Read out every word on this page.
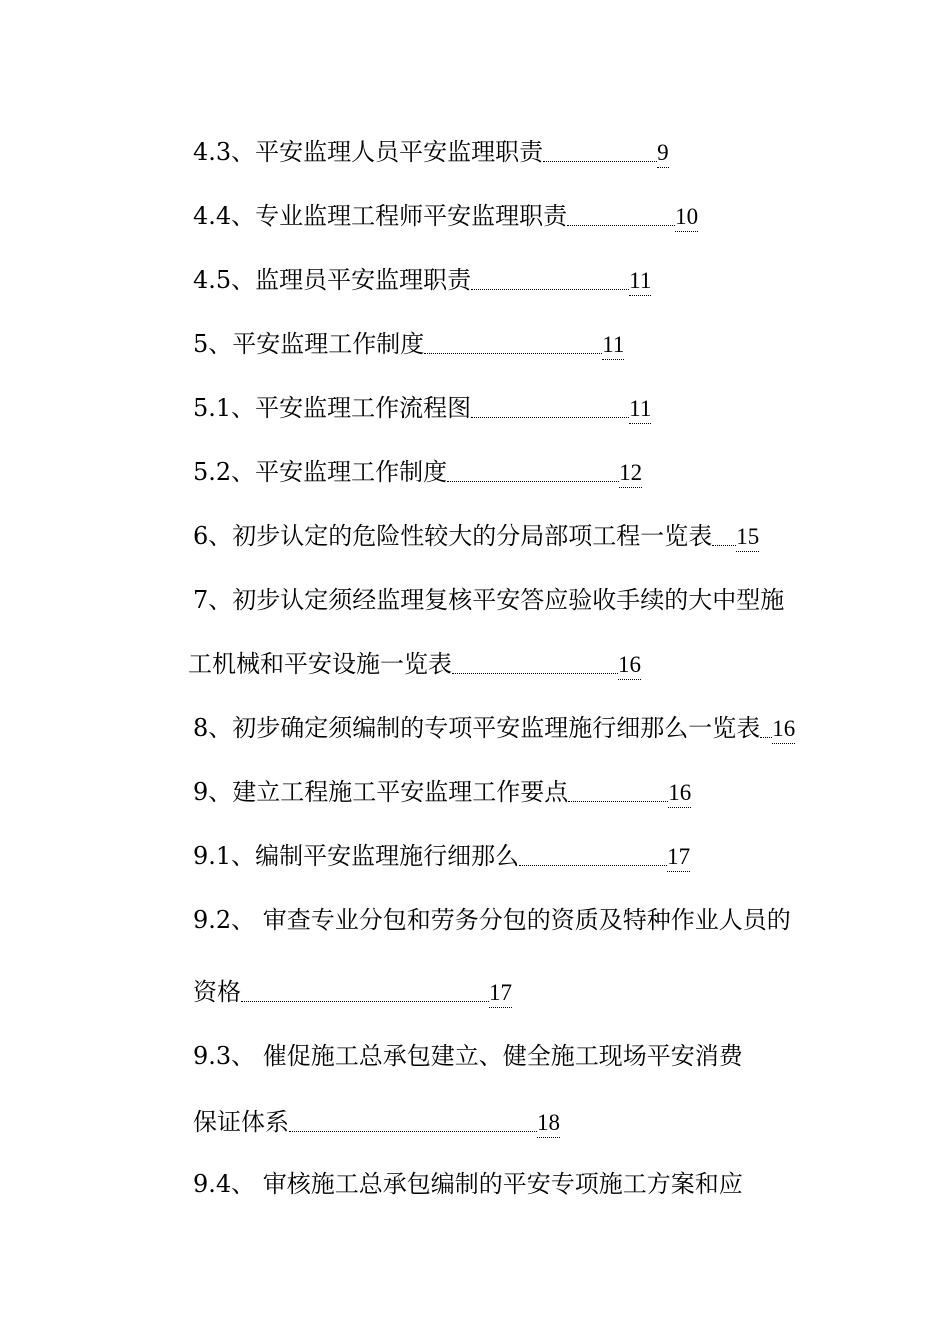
4.3、平安监理人员平安监理职责	9
4.4、专业监理工程师平安监理职责	10
4.5、监理员平安监理职责	11
5、平安监理工作制度	11
5.1、平安监理工作流程图	11
5.2、平安监理工作制度	12
6、初步认定的危险性较大的分局部项工程一览表 15
7、初步认定须经监理复核平安答应验收手续的大中型施
工机械和平安设施一览表	16
8、初步确定须编制的专项平安监理施行细那么一览表 16
9、建立工程施工平安监理工作要点	16
9.1、编制平安监理施行细那么	17
9.2、 审查专业分包和劳务分包的资质及特种作业人员的
资格	17
9.3、 催促施工总承包建立、健全施工现场平安消费
保证体系	18
9.4、 审核施工总承包编制的平安专项施工方案和应
